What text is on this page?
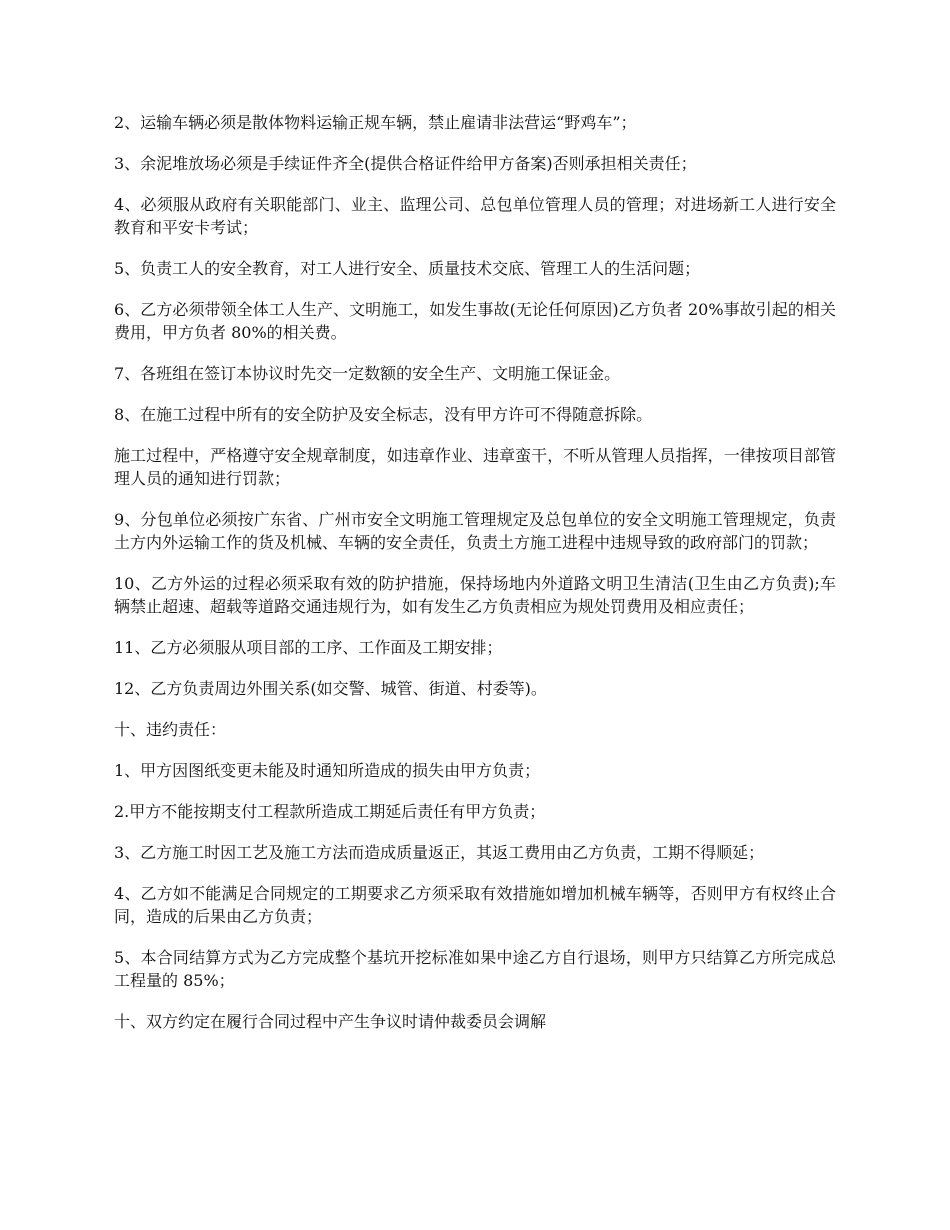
2、运输车辆必须是散体物料运输正规车辆，禁止雇请非法营运“野鸡车”；

3、余泥堆放场必须是手续证件齐全(提供合格证件给甲方备案)否则承担相关责任；

4、必须服从政府有关职能部门、业主、监理公司、总包单位管理人员的管理；对进场新工人进行安全教育和平安卡考试；

5、负责工人的安全教育，对工人进行安全、质量技术交底、管理工人的生活问题；

6、乙方必须带领全体工人生产、文明施工，如发生事故(无论任何原因)乙方负者 20%事故引起的相关费用，甲方负者 80%的相关费。

7、各班组在签订本协议时先交一定数额的安全生产、文明施工保证金。

8、在施工过程中所有的安全防护及安全标志，没有甲方许可不得随意拆除。

施工过程中，严格遵守安全规章制度，如违章作业、违章蛮干，不听从管理人员指挥，一律按项目部管理人员的通知进行罚款；

9、分包单位必须按广东省、广州市安全文明施工管理规定及总包单位的安全文明施工管理规定，负责土方内外运输工作的货及机械、车辆的安全责任，负责土方施工进程中违规导致的政府部门的罚款；

10、乙方外运的过程必须采取有效的防护措施，保持场地内外道路文明卫生清洁(卫生由乙方负责);车辆禁止超速、超载等道路交通违规行为，如有发生乙方负责相应为规处罚费用及相应责任；

11、乙方必须服从项目部的工序、工作面及工期安排；

12、乙方负责周边外围关系(如交警、城管、街道、村委等)。

十、违约责任：

1、甲方因图纸变更未能及时通知所造成的损失由甲方负责；

2.甲方不能按期支付工程款所造成工期延后责任有甲方负责；

3、乙方施工时因工艺及施工方法而造成质量返正，其返工费用由乙方负责，工期不得顺延；

4、乙方如不能满足合同规定的工期要求乙方须采取有效措施如增加机械车辆等，否则甲方有权终止合同，造成的后果由乙方负责；

5、本合同结算方式为乙方完成整个基坑开挖标准如果中途乙方自行退场，则甲方只结算乙方所完成总工程量的 85%；

十、双方约定在履行合同过程中产生争议时请仲裁委员会调解
